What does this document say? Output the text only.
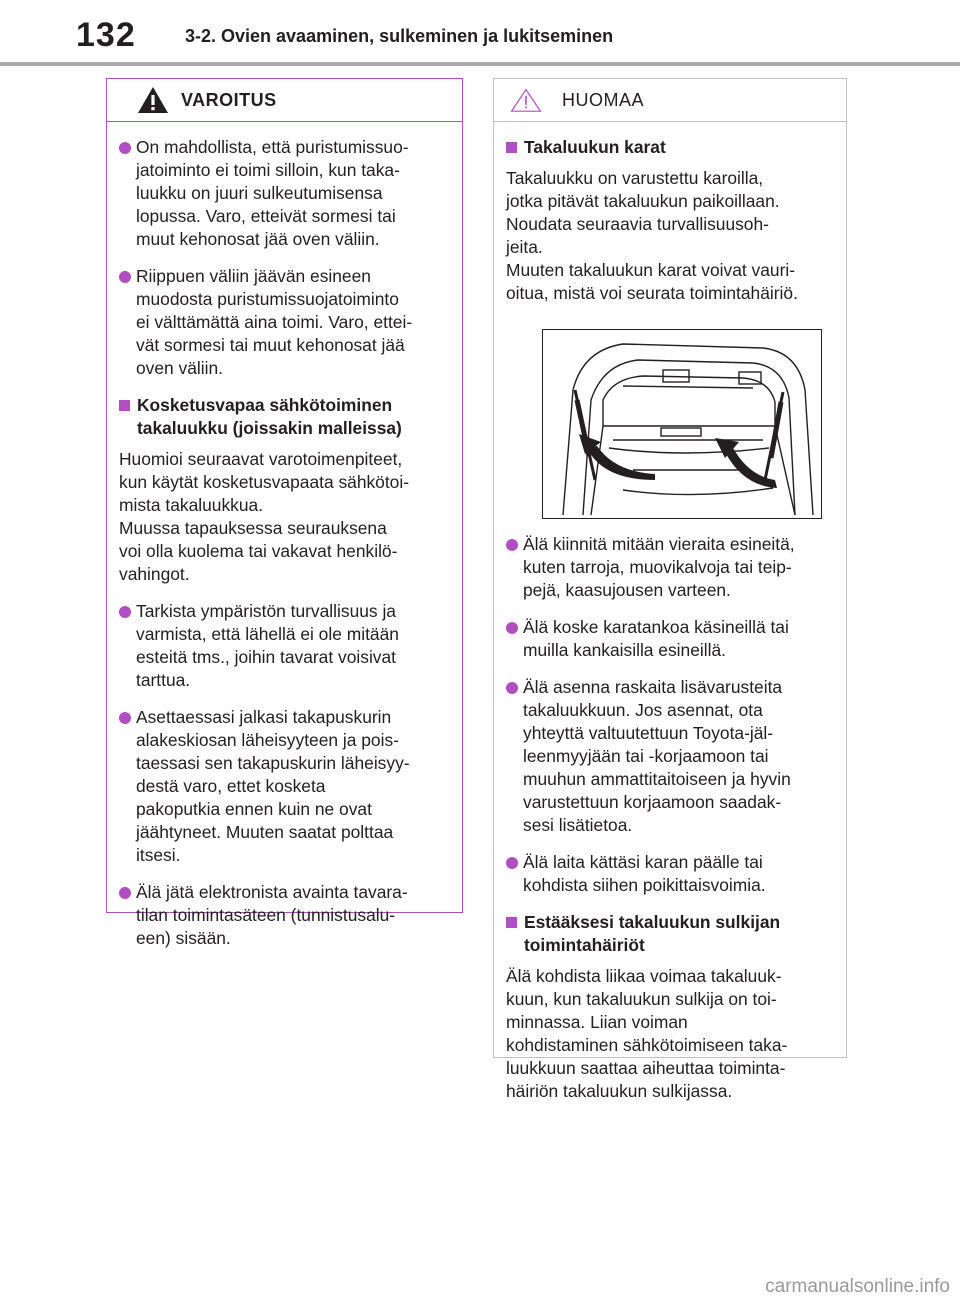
132	3-2. Ovien avaaminen, sulkeminen ja lukitseminen
VAROITUS
On mahdollista, että puristumissuo-
jatoiminto ei toimi silloin, kun taka-
luukku on juuri sulkeutumisensa
lopussa. Varo, etteivät sormesi tai
muut kehonosat jää oven väliin.
Riippuen väliin jäävän esineen
muodosta puristumissuojatoiminto
ei välttämättä aina toimi. Varo, ettei-
vät sormesi tai muut kehonosat jää
oven väliin.
Kosketusvapaa sähkötoiminen
takaluukku (joissakin malleissa)
Huomioi seuraavat varotoimenpiteet,
kun käytät kosketusvapaata sähkötoi-
mista takaluukkua.
Muussa tapauksessa seurauksena
voi olla kuolema tai vakavat henkilö-
vahingot.
Tarkista ympäristön turvallisuus ja
varmista, että lähellä ei ole mitään
esteitä tms., joihin tavarat voisivat
tarttua.
Asettaessasi jalkasi takapuskurin
alakeskiosan läheisyyteen ja pois-
taessasi sen takapuskurin läheisyy-
destä varo, ettet kosketa
pakoputkia ennen kuin ne ovat
jäähtyneet. Muuten saatat polttaa
itsesi.
Älä jätä elektronista avainta tavara-
tilan toimintasäteen (tunnistusalu-
een) sisään.
HUOMAA
Takaluukun karat
Takaluukku on varustettu karoilla,
jotka pitävät takaluukun paikoillaan.
Noudata seuraavia turvallisuusoh-
jeita.
Muuten takaluukun karat voivat vauri-
oitua, mistä voi seurata toimintahäiriö.
Älä kiinnitä mitään vieraita esineitä,
kuten tarroja, muovikalvoja tai teip-
pejä, kaasujousen varteen.
Älä koske karatankoa käsineillä tai
muilla kankaisilla esineillä.
Älä asenna raskaita lisävarusteita
takaluukkuun. Jos asennat, ota
yhteyttä valtuutettuun Toyota-jäl-
leenmyyjään tai -korjaamoon tai
muuhun ammattitaitoiseen ja hyvin
varustettuun korjaamoon saadak-
sesi lisätietoa.
Älä laita kättäsi karan päälle tai
kohdista siihen poikittaisvoimia.
Estääksesi takaluukun sulkijan
toimintahäiriöt
Älä kohdista liikaa voimaa takaluuk-
kuun, kun takaluukun sulkija on toi-
minnassa. Liian voiman
kohdistaminen sähkötoimiseen taka-
luukkuun saattaa aiheuttaa toiminta-
häiriön takaluukun sulkijassa.
carmanualsonline.info
